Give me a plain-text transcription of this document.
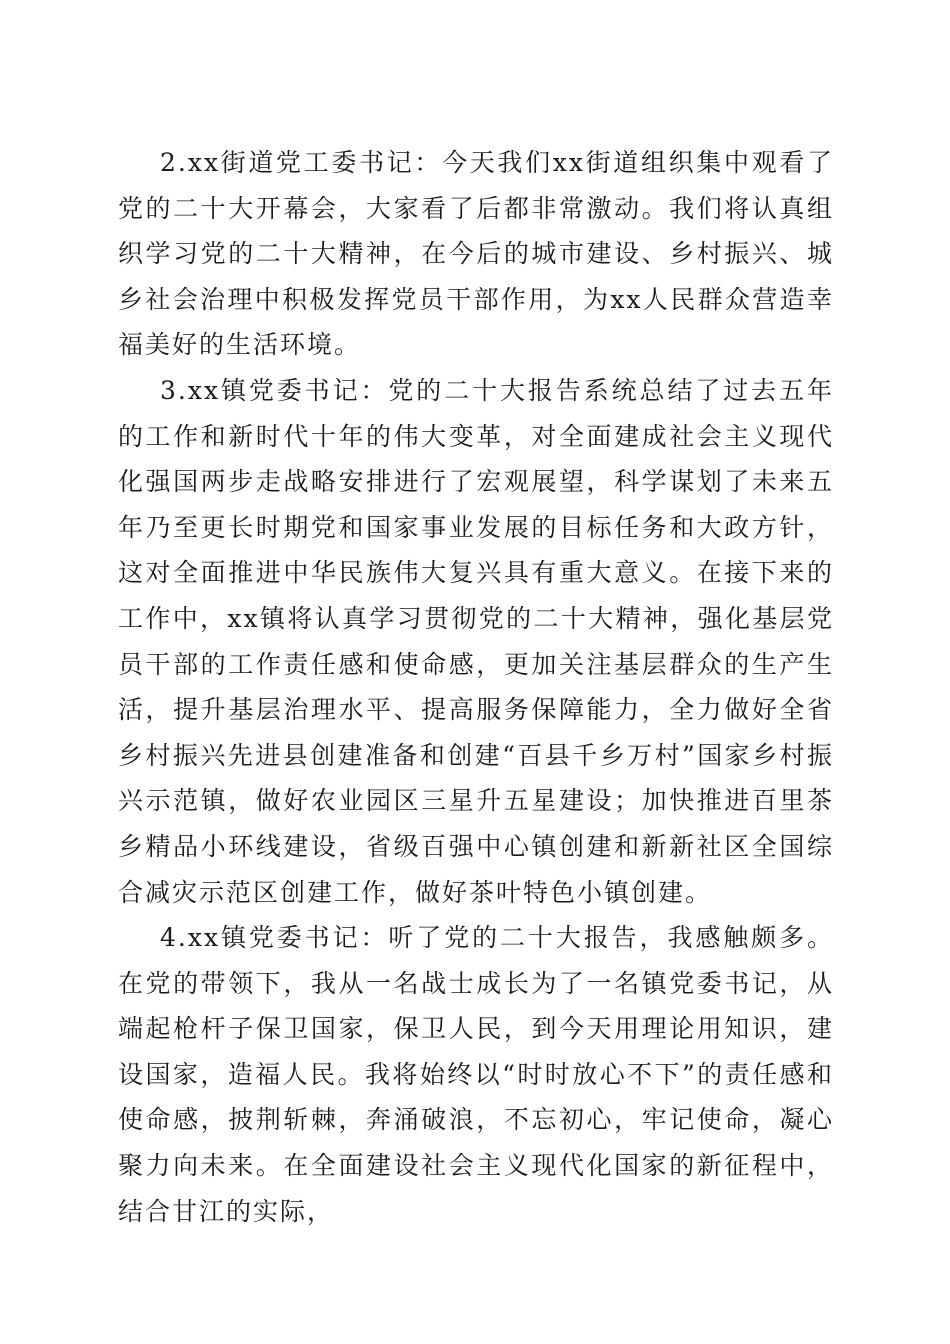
2.xx街道党工委书记：今天我们xx街道组织集中观看了党的二十大开幕会，大家看了后都非常激动。我们将认真组织学习党的二十大精神，在今后的城市建设、乡村振兴、城乡社会治理中积极发挥党员干部作用，为xx人民群众营造幸福美好的生活环境。

3.xx镇党委书记：党的二十大报告系统总结了过去五年的工作和新时代十年的伟大变革，对全面建成社会主义现代化强国两步走战略安排进行了宏观展望，科学谋划了未来五年乃至更长时期党和国家事业发展的目标任务和大政方针，这对全面推进中华民族伟大复兴具有重大意义。在接下来的工作中，xx镇将认真学习贯彻党的二十大精神，强化基层党员干部的工作责任感和使命感，更加关注基层群众的生产生活，提升基层治理水平、提高服务保障能力，全力做好全省乡村振兴先进县创建准备和创建“百县千乡万村”国家乡村振兴示范镇，做好农业园区三星升五星建设；加快推进百里茶乡精品小环线建设，省级百强中心镇创建和新新社区全国综合减灾示范区创建工作，做好茶叶特色小镇创建。

4.xx镇党委书记：听了党的二十大报告，我感触颇多。在党的带领下，我从一名战士成长为了一名镇党委书记，从端起枪杆子保卫国家，保卫人民，到今天用理论用知识，建设国家，造福人民。我将始终以“时时放心不下”的责任感和使命感，披荆斩棘，奔涌破浪，不忘初心，牢记使命，凝心聚力向未来。在全面建设社会主义现代化国家的新征程中，结合甘江的实际，
